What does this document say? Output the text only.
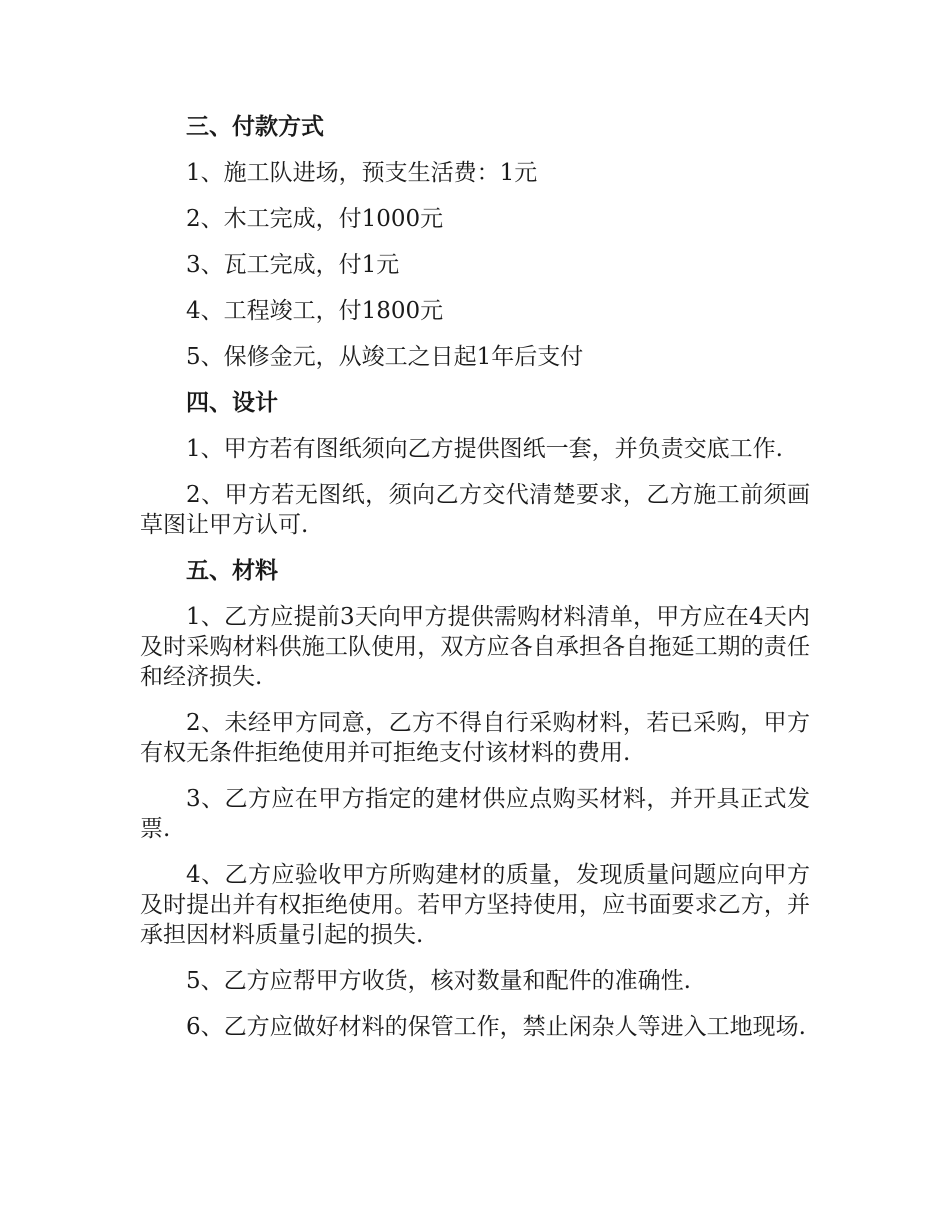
三、付款方式

1、施工队进场，预支生活费：1元

2、木工完成，付1000元

3、瓦工完成，付1元

4、工程竣工，付1800元

5、保修金元，从竣工之日起1年后支付

四、设计

1、甲方若有图纸须向乙方提供图纸一套，并负责交底工作.

2、甲方若无图纸，须向乙方交代清楚要求，乙方施工前须画草图让甲方认可.

五、材料

1、乙方应提前3天向甲方提供需购材料清单，甲方应在4天内及时采购材料供施工队使用，双方应各自承担各自拖延工期的责任和经济损失.

2、未经甲方同意，乙方不得自行采购材料，若已采购，甲方有权无条件拒绝使用并可拒绝支付该材料的费用.

3、乙方应在甲方指定的建材供应点购买材料，并开具正式发票.

4、乙方应验收甲方所购建材的质量，发现质量问题应向甲方及时提出并有权拒绝使用。若甲方坚持使用，应书面要求乙方，并承担因材料质量引起的损失.

5、乙方应帮甲方收货，核对数量和配件的准确性.

6、乙方应做好材料的保管工作，禁止闲杂人等进入工地现场.
